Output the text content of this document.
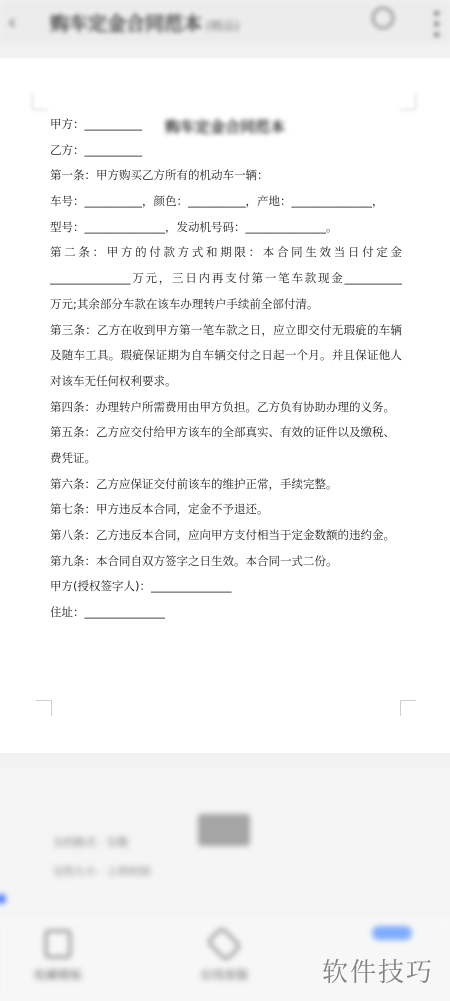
‹ 购车定金合同范本 (精品)	•••
购车定金合同范本
甲方：__________
乙方：__________
第一条：甲方购买乙方所有的机动车一辆：
车号：__________，颜色：__________，产地：______________，
型号：______________，发动机号码：______________。
第二条：甲方的付款方式和期限：本合同生效当日付定金
______________万元，三日内再支付第一笔车款现金__________
万元;其余部分车款在该车办理转户手续前全部付清。
第三条：乙方在收到甲方第一笔车款之日，应立即交付无瑕疵的车辆
及随车工具。瑕疵保证期为自车辆交付之日起一个月。并且保证他人
对该车无任何权利要求。
第四条：办理转户所需费用由甲方负担。乙方负有协助办理的义务。
第五条：乙方应交付给甲方该车的全部真实、有效的证件以及缴税、
费凭证。
第六条：乙方应保证交付前该车的维护正常，手续完整。
第七条：甲方违反本合同，定金不予退还。
第八条：乙方违反本合同，应向甲方支付相当于定金数额的违约金。
第九条：本合同自双方签字之日生效。本合同一式二份。
甲方(授权签字人)：______________
住址：______________
文档格式 · 页数
文档大小 · 上传时间
收藏模板	在线客服	软件技巧
